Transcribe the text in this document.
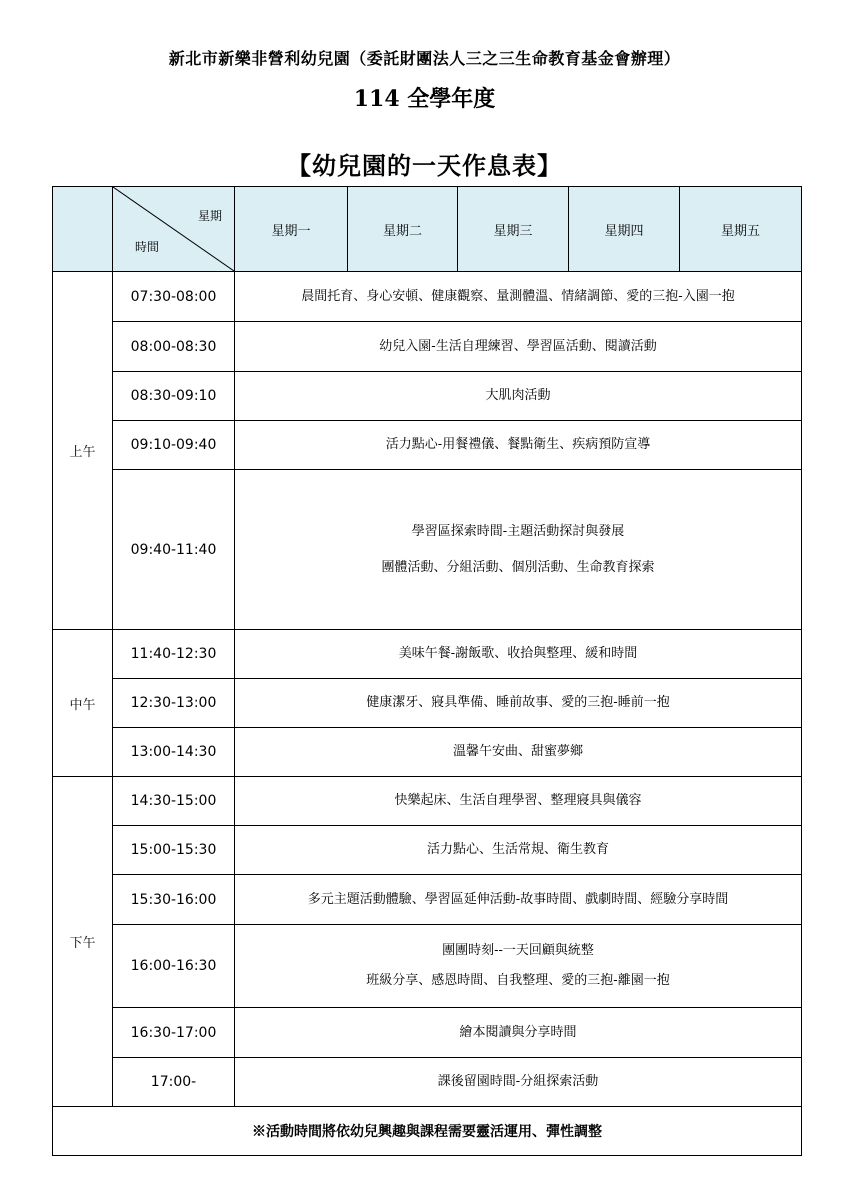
新北市新樂非營利幼兒園（委託財團法人三之三生命教育基金會辦理）
114 全學年度
【幼兒園的一天作息表】

	星期
時間	星期一	星期二	星期三	星期四	星期五
上午	07:30-08:00	晨間托育、身心安頓、健康觀察、量測體溫、情緒調節、愛的三抱-入園一抱				
	08:00-08:30	幼兒入園-生活自理練習、學習區活動、閱讀活動				
	08:30-09:10	大肌肉活動				
	09:10-09:40	活力點心-用餐禮儀、餐點衛生、疾病預防宣導				
	09:40-11:40	學習區探索時間-主題活動探討與發展
團體活動、分組活動、個別活動、生命教育探索				

中午	11:40-12:30	美味午餐-謝飯歌、收拾與整理、緩和時間				
	12:30-13:00	健康潔牙、寢具準備、睡前故事、愛的三抱-睡前一抱				
	13:00-14:30	溫馨午安曲、甜蜜夢鄉				
下午	14:30-15:00	快樂起床、生活自理學習、整理寢具與儀容				
	15:00-15:30	活力點心、生活常規、衛生教育				
	15:30-16:00	多元主題活動體驗、學習區延伸活動-故事時間、戲劇時間、經驗分享時間				
	16:00-16:30	團團時刻--一天回顧與統整
班級分享、感恩時間、自我整理、愛的三抱-離園一抱				

	16:30-17:00	繪本閱讀與分享時間				
	17:00-	課後留園時間-分組探索活動				
※活動時間將依幼兒興趣與課程需要靈活運用、彈性調整						
